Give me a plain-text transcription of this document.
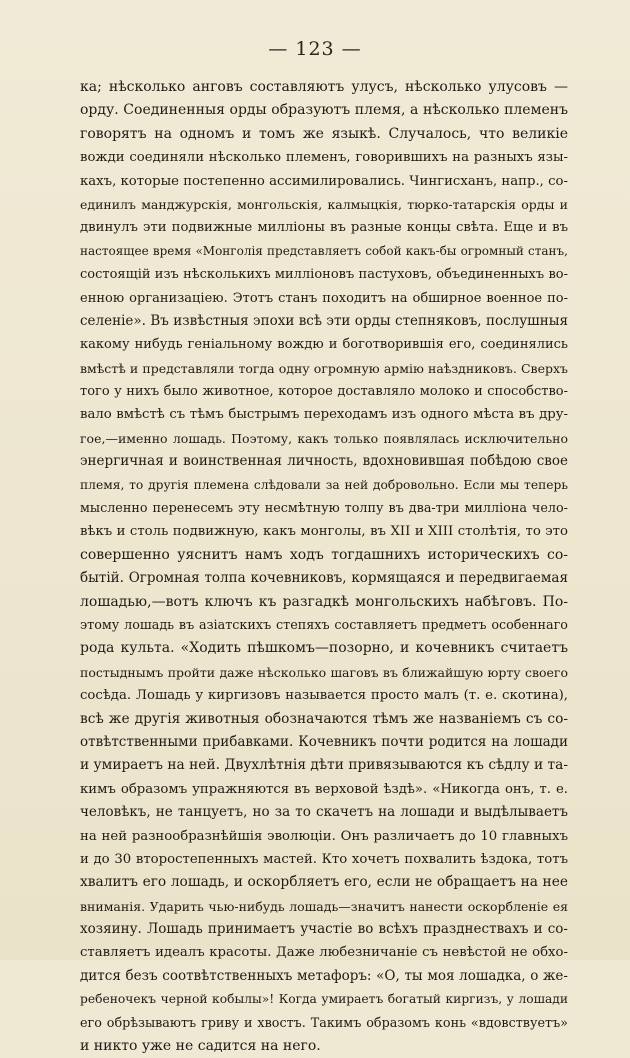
— 123 —
ка; нѣсколько анговъ составляютъ улусъ, нѣсколько улусовъ —
орду. Соединенныя орды образуютъ племя, а нѣсколько племенъ
говорятъ на одномъ и томъ же языкѣ. Случалось, что великіе
вожди соединяли нѣсколько племенъ, говорившихъ на разныхъ язы-
кахъ, которые постепенно ассимилировались. Чингисханъ, напр., со-
единилъ манджурскія, монгольскія, калмыцкія, тюрко-татарскія орды и
двинулъ эти подвижные милліоны въ разные концы свѣта. Еще и въ
настоящее время «Монголія представляетъ собой какъ-бы огромный станъ,
состоящій изъ нѣсколькихъ милліоновъ пастуховъ, объединенныхъ во-
енною организаціею. Этотъ станъ походитъ на обширное военное по-
селеніе». Въ извѣстныя эпохи всѣ эти орды степняковъ, послушныя
какому нибудь геніальному вождю и боготворившія его, соединялись
вмѣстѣ и представляли тогда одну огромную армію наѣздниковъ. Сверхъ
того у нихъ было животное, которое доставляло молоко и способство-
вало вмѣстѣ съ тѣмъ быстрымъ переходамъ изъ одного мѣста въ дру-
гое,—именно лошадь. Поэтому, какъ только появлялась исключительно
энергичная и воинственная личность, вдохновившая побѣдою свое
племя, то другія племена слѣдовали за ней добровольно. Если мы теперь
мысленно перенесемъ эту несмѣтную толпу въ два-три милліона чело-
вѣкъ и столь подвижную, какъ монголы, въ XII и XIII столѣтія, то это
совершенно уяснитъ намъ ходъ тогдашнихъ историческихъ со-
бытій. Огромная толпа кочевниковъ, кормящаяся и передвигаемая
лошадью,—вотъ ключъ къ разгадкѣ монгольскихъ набѣговъ. По-
этому лошадь въ азіатскихъ степяхъ составляетъ предметъ особеннаго
рода культа. «Ходить пѣшкомъ—позорно, и кочевникъ считаетъ
постыднымъ пройти даже нѣсколько шаговъ въ ближайшую юрту своего
сосѣда. Лошадь у киргизовъ называется просто малъ (т. е. скотина),
всѣ же другія животныя обозначаются тѣмъ же названіемъ съ со-
отвѣтственными прибавками. Кочевникъ почти родится на лошади
и умираетъ на ней. Двухлѣтнія дѣти привязываются къ сѣдлу и та-
кимъ образомъ упражняются въ верховой ѣздѣ». «Никогда онъ, т. е.
человѣкъ, не танцуетъ, но за то скачетъ на лошади и выдѣлываетъ
на ней разнообразнѣйшія эволюціи. Онъ различаетъ до 10 главныхъ
и до 30 второстепенныхъ мастей. Кто хочетъ похвалить ѣздока, тотъ
хвалитъ его лошадь, и оскорбляетъ его, если не обращаетъ на нее
вниманія. Ударить чью-нибудь лошадь—значитъ нанести оскорбленіе ея
хозяину. Лошадь принимаетъ участіе во всѣхъ празднествахъ и со-
ставляетъ идеалъ красоты. Даже любезничаніе съ невѣстой не обхо-
дится безъ соотвѣтственныхъ метафоръ: «О, ты моя лошадка, о же-
ребеночекъ черной кобылы»! Когда умираетъ богатый киргизъ, у лошади
его обрѣзываютъ гриву и хвостъ. Такимъ образомъ конь «вдовствуетъ»
и никто уже не садится на него.
